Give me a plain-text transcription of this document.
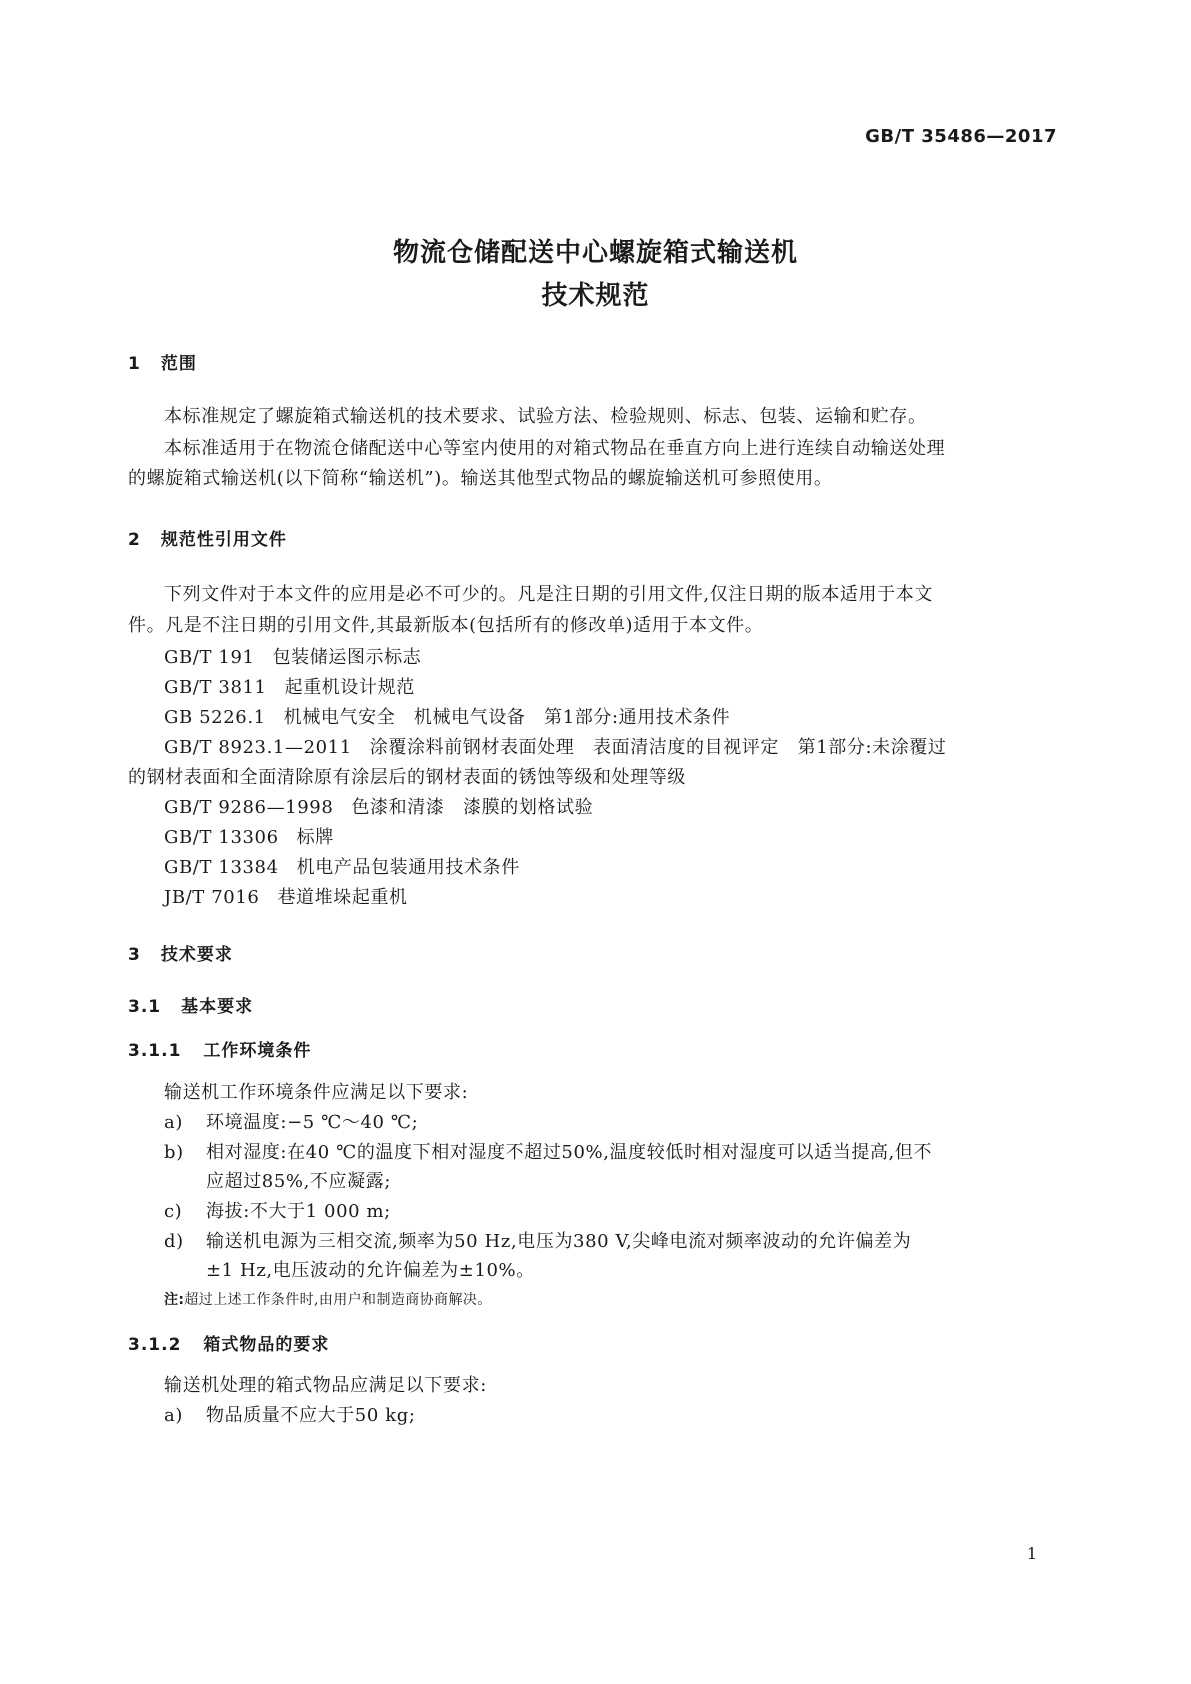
GB/T 35486—2017
物流仓储配送中心螺旋箱式输送机
技术规范
1 范围
本标准规定了螺旋箱式输送机的技术要求、试验方法、检验规则、标志、包装、运输和贮存。
本标准适用于在物流仓储配送中心等室内使用的对箱式物品在垂直方向上进行连续自动输送处理
的螺旋箱式输送机(以下简称“输送机”)。输送其他型式物品的螺旋输送机可参照使用。
2 规范性引用文件
下列文件对于本文件的应用是必不可少的。凡是注日期的引用文件,仅注日期的版本适用于本文
件。凡是不注日期的引用文件,其最新版本(包括所有的修改单)适用于本文件。
GB/T 191 包装储运图示标志
GB/T 3811 起重机设计规范
GB 5226.1 机械电气安全　机械电气设备　第1部分:通用技术条件
GB/T 8923.1—2011 涂覆涂料前钢材表面处理　表面清洁度的目视评定　第1部分:未涂覆过
的钢材表面和全面清除原有涂层后的钢材表面的锈蚀等级和处理等级
GB/T 9286—1998 色漆和清漆　漆膜的划格试验
GB/T 13306 标牌
GB/T 13384 机电产品包装通用技术条件
JB/T 7016 巷道堆垛起重机
3 技术要求
3.1 基本要求
3.1.1 工作环境条件
输送机工作环境条件应满足以下要求:
a) 环境温度:−5 ℃～40 ℃;
b) 相对湿度:在40 ℃的温度下相对湿度不超过50%,温度较低时相对湿度可以适当提高,但不
应超过85%,不应凝露;
c) 海拔:不大于1 000 m;
d) 输送机电源为三相交流,频率为50 Hz,电压为380 V,尖峰电流对频率波动的允许偏差为
±1 Hz,电压波动的允许偏差为±10%。
注:超过上述工作条件时,由用户和制造商协商解决。
3.1.2 箱式物品的要求
输送机处理的箱式物品应满足以下要求:
a) 物品质量不应大于50 kg;
1
